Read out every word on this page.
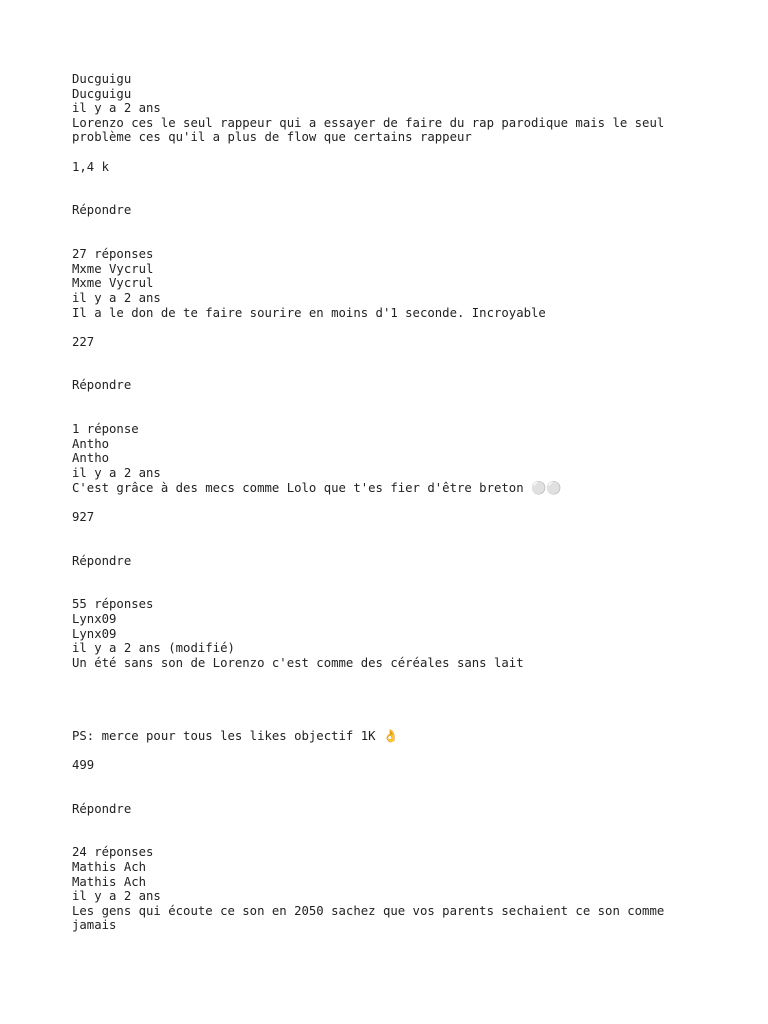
Ducguigu
Ducguigu
il y a 2 ans
Lorenzo ces le seul rappeur qui a essayer de faire du rap parodique mais le seul problème ces qu'il a plus de flow que certains rappeur
1,4 k
Répondre
27 réponses
Mxme Vycrul
Mxme Vycrul
il y a 2 ans
Il a le don de te faire sourire en moins d'1 seconde. Incroyable
227
Répondre
1 réponse
Antho
Antho
il y a 2 ans
C'est grâce à des mecs comme Lolo que t'es fier d'être breton ⚪⚪
927
Répondre
55 réponses
Lynx09
Lynx09
il y a 2 ans (modifié)
Un été sans son de Lorenzo c'est comme des céréales sans lait
PS: merce pour tous les likes objectif 1K 👌
499
Répondre
24 réponses
Mathis Ach
Mathis Ach
il y a 2 ans
Les gens qui écoute ce son en 2050 sachez que vos parents sechaient ce son comme jamais
